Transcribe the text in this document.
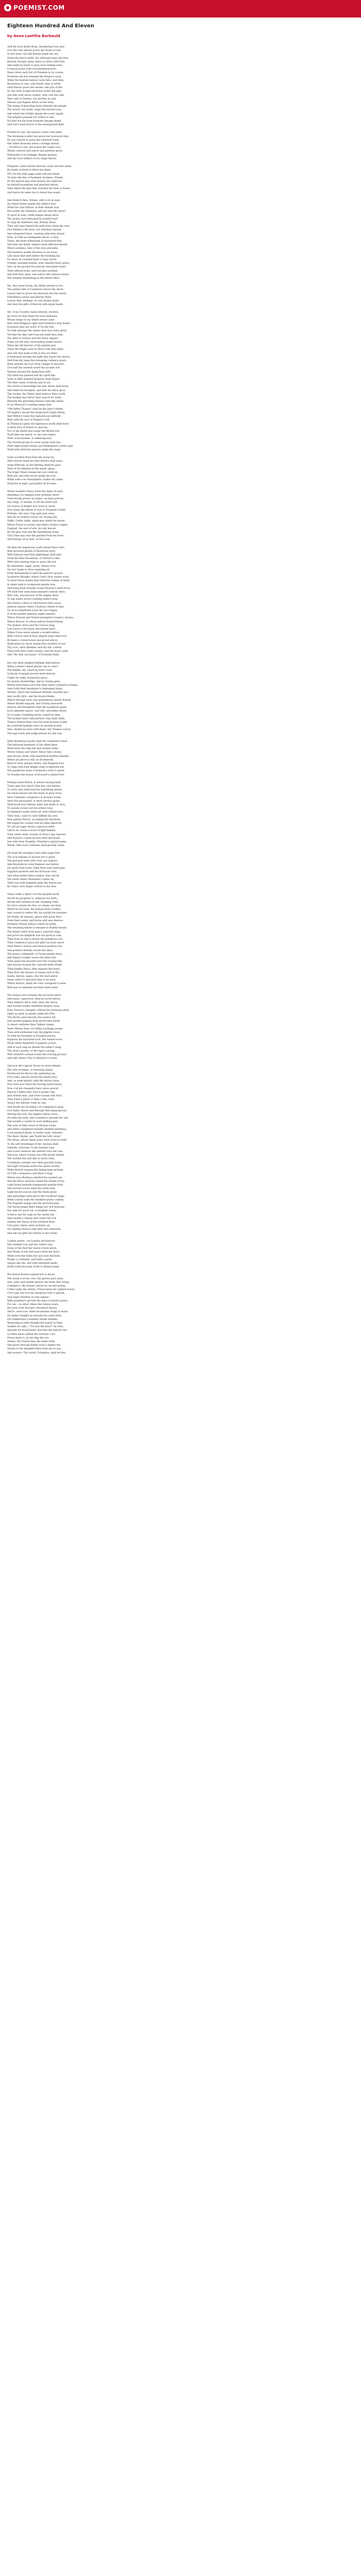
POEMIST.COM
Eighteen Hundred And Eleven
by Anna Laetitia Barbauld
Still the loud death drum, thundering from afar,
O'er the vext nations pours the storm of war:
To the stern call still Britain bends her ear,
Feeds the fierce strife, the alternate hope and fear;
Bravely, though vainly, dares to strive with Fate,
And seeks by turns to prop each sinking state.
Colossal power with overwhelming force
Bears down each fort of Freedom in its course;
Prostrate she lies beneath the Despot's sway,
While the hushed nations curse him—and obey.
Bounteous in vain, with frantic man at strife,
Glad Nature pours the means—the joys of life;
In vain with orange blossoms scents the gale,
The hills with olives clothes, with corn the vale;
Man calls to Famine, nor invokes in vain,
Disease and Rapine follow in her train;
The tramp of marching hosts disturbs the plough,
The sword, not sickle, reaps the harvest now,
And where the Soldier gleans the scant supply,
The helpless peasant but retires to die;
No laws his hut from licensed outrage shield,
And war's least horror is the ensanguined field.
Fruitful in vain, the matron counts with pride
The blooming youths that grace her honoured side;
No son returns to press her widowed hand,
Her fallen blossoms strew a foreign strand.
—Fruitful in vain, she boasts her virgin race,
Whom cultured arts adorn and gentlest grace;
Defrauded of its homage, Beauty mourns,
And the rose withers on its virgin thorns.
Frequent, some stream obscure, some uncouth name,
By deeds of blood is lifted into fame;
Oft o'er the daily page some soft-one bends
To learn the fate of husband, brothers, friends,
Or the spread map with anxious eye explores,
Its dotted boundaries and penciled shores,
Asks where the spot that wrecked her bliss is found,
And learns its name but to detest the sound.
And think'st thou, Britain, still to sit at ease,
An island Queen amidst thy subject seas,
While the vext billows, in their distant roar,
But soothe thy slumbers, and but kiss thy shore?
To sport in wars, while danger keeps aloof,
Thy grassy turf unbruised by hostile hoof?
So sing thy flatterers; but, Britain, know,
Thou who hast shared the guilt must share the woe.
Nor distant is the hour; low murmurs spread,
And whispered fears, creating what they dread;
Ruin, as with an earthquake shock, is here,
There, the heart-witherings of unuttered fear,
And that sad death, whence most affection bleeds,
Which sickness, only of the soul, precedes.
Thy baseless wealth dissolves in air away,
Like mists that melt before the morning ray:
No more on crowded mart or busy street
Friends, meeting friends, with cheerful hurry greet;
Sad, on the ground thy princely merchants bend
Their altered looks, and evil days portend,
And fold their arms, and watch with anxious breast
The tempest blackening in the distant West.
Yes, thou must droop; thy Midas dream is o'er;
The golden tide of Commerce leaves thy shore,
Leaves thee to prove the alternate ills that haunt
Enfeebling Luxury and ghastly Want;
Leaves thee, perhaps, to visit distant lands,
And deal the gifts of Heaven with equal hands.
Yet, O my Country, name beloved, revered,
By every tie that binds the soul endeared,
Whose image to my infant senses came
Mixt with Religion's light and Freedom's holy flame!
If prayers may not avert, if 'tis thy fate
To rank amongst the names that once were great,
Not like the dim cold Crescent shalt thou fade,
Thy debt to Science and the Muse unpaid;
Thine are the laws surrounding states revere,
Thine the full harvest of the mental year,
Thine the bright stars in Glory's sky that shine,
And arts that make it life to live are thine.
If westward streams the light that leaves thy shores,
Still from thy lamp the streaming radiance pours.
Wide spreads thy race from Ganges to the pole,
O'er half the western world thy accents roll:
Nations beyond the Apalachian hills
Thy hand has planted and thy spirit fills:
Soon as their gradual progress shall impart
The finer sense of morals and of art,
Thy stores of knowledge the new states shall know,
And think thy thoughts, and with thy fancy glow;
Thy Lockes, thy Paleys shall instruct their youth,
Thy leading star direct their search for truth;
Beneath the spreading Platan's tent-like shade,
Or by Missouri's rushing waters laid,
"Old father Thames" shall be the poet's theme,
Of Hagley's woods the enamoured virgin dream,
And Milton's tones the raptured ear enthrall,
Mixt with the roar of Niagara's fall;
In Thomson's glass the ingenuous youth shall learn
A fairer face of Nature to discern;
Nor of the Bards that swept the British lyre
Shall fade one laurel, or one note expire.
Then, loved Joanna, to admiring eyes
Thy storied groups in scenic pomp shall rise;
Their high-souled strains and Shakespear's noble rage
Shall with alternate passion shake the stage.
Some youthful Basil from thy moral lay
With stricter hand his fond desires shall sway;
Some Ethwald, as the fleeting shadows pass,
Start at his likeness in the mystic glass;
The tragic Muse resume her just controul,
With pity and with terror purge the soul,
While wide o'er transatlantic realms thy name
Shall live in light, and gather all its fame.
Where wanders Fancy down the lapse of years
Shedding o'er imaged woes untimely tears?
Fond moody power! as hopes—as fears prevail,
She longs, or dreads, to lift the awful veil,
On visions of delight now loves to dwell,
Now hears the shriek of woe or Freedom's knell:
Perhaps, she says, long ages past away,
And set in western waves our closing day,
Night, Gothic night, again may shade the plains
Where Power is seated, and where Science reigns;
England, the seat of arts, be only known
By the grey ruin and the mouldering stone;
That Time may tear the garland from her brow,
And Europe sit in dust, as Asia now.
Yet then the ingenuous youth whom Fancy fires
With pictured glories of illustrious sires,
With duteous zeal their pilgrimage shall take
From the Blue Mountains, or Ontario's lake,
With fond adoring steps to press the sod
By statesmen, sages, poets, heroes trod;
On Isis' banks to draw inspiring air,
From Runnymede to send the patriot's prayer;
In pensive thought, where Cam's slow waters wind,
To meet those shades that ruled the realms of mind;
In silent halls to sculptured marble bow,
And hang fresh wreaths round Newton's awful brow.
Oft shall they seek some peasant's homely shed,
Who toils, unconscious of the mighty dead,
To ask where Avon's winding waters stray,
And thence a knot of wild flowers bear away;
Anxious inquire where Clarkson, friend of man,
Or all-accomplished Jones his race began;
If of the modest mansion aught remains
Where Heaven and Nature prompted Cowper's strains;
Where Roscoe, to whose patriot breast belong
The Roman virtue and the Tuscan song,
Led Ceres to the black and barren moor
Where Ceres never gained a wreath before:
With curious search their pilgrim steps shall rove
By many a ruined tower and proud alcove,
Shall listen for those strains that soothed of yore
Thy rock, stern Skiddaw, and thy fall, Lodore;
Feast with Dove Dale's mazes, and the hoary walls
And "the still, sad music" of Fountain Halls.
But who their mingled feelings shall pursue
When London's faded glories rise to view?
The mighty city, which by every road,
In floods of people poured itself abroad;
Ungirt by walls, irregularly great,
No jealous drawbridge, and no closing gate;
Whose merchants (such the state which commerce brings)
Sent forth their mandates to dependent kings;
Streets, where the turbaned Moslem, bearded Jew,
And woolly Afric, met the brown Hindu;
Where through each vein spontaneous plenty flowed,
Where Wealth enjoyed, and Charity bestowed.
Pensive and thoughtful shall the wanderers greet
Each splendid square, and still, untrodden street;
Or of some crumbling turret, mined by time,
The broken stairs with perilous step shall climb,
Thence stretch their view the wide horizon round,
By scattered hamlets trace its ancient bound,
And, choked no more with fleets, fair Thames survey
Through reeds and sedge pursue his idle way.
With throbbing bosoms shall the wanderers tread
The hallowed mansions of the silent dead,
Shall enter the long isle and vaulted dome
Where Genius and where Valour find a home;
Awe-struck, midst chill sepulchral marbles breathe,
Where all above is still, as all beneath;
Bend at each antique shrine, and frequent turn
To clasp with fond delight some sculptured urn,
The ponderous mass of Johnson's form to greet,
Or breathe the prayer at Howard's sainted feet.
Perhaps some Briton, in whose musing mind
Those ages live which Time has cast behind,
To every spot shall lead his wondering guests
On whose known site the beam of glory rests:
Here Chatham's eloquence in thunder broke,
Here Fox persuaded, or here Garrick spoke;
Shall boast how Nelson, fame and death in view,
To wonted victory led his ardent crew,
In England's name enforced, with loftiest tone,
Their duty,—and too well fulfilled his own:
How gallant Moore, as ebbing life dissolved,
But hoped his country had his fame absolved.
Or call up sages whose capacious mind
Left in its course a track of light behind;
Point where mute crowds on Davy's lips reposed,
And Nature's coyest secrets were disclosed;
Join with their Franklin, Priestley's injured name,
Whom, then each continent shall proudly claim.
Oft shall the strangers turn their eager feet
The rich remains of ancient art to greet,
The pictured walls with critic eye explore,
And Reynolds be what Raphael was before.
On spoils from every clime their eyes shall gaze,
Egyptian granites and the Etruscan vase;
And when midst fallen London, they survey
The stone where Alexander's ashes lay,
Shall own with humbled pride the lesson just
By Time's slow finger written in the dust.
There walks a Spirit o'er the peopled earth,
Secret his progress is, unknown his birth;
Moody and viewless as the changing wind,
No force arrests his foot, no chains can bind;
Where'er he turns, the human brute awakes,
And, roused to better life, his sordid hut forsakes:
He thinks, he reasons, glows with purer fires,
Feels finer wants, and burns with new desires:
Obedient Nature follows where he leads;
The steaming marsh is changed to fruitful meads;
The beasts retire from man's asserted reign,
And prove his kingdom was not given in vain.
Then from its bed is drawn the ponderous ore,
Then Commerce pours her gifts on every shore,
Then Babel's towers and terrace gardens rise,
And pointed obelisks invade the skies;
The prince commands, in Tyrian purple drest,
And Egypt's virgins weave the linen vest.
Then spans the graceful arch the roaring tide,
And stricter bounds the cultured fields divide.
Then kindles Fancy, then expands the heart,
Then blow the flowers of Genius and of Art;
Saints, heroes, sages, who the land adorn,
Seem rather to descend than to be born;
Whilst History, midst the rolls consigned to fame,
With pen of adamant inscribes their name.
The Genius now forsakes the favoured shore,
And hates, capricious, what he loved before;
Then empires fall to dust, then arts decay,
And wasted realms enfeebled despots sway;
Even Nature's changed; without his fostering smile
Ophir no gold, no plenty yields the Nile;
The thirsty sand absorbs the useless rill,
And spotted plagues from putrid fens distill.
In desert solitudes then Tadmor sleeps,
Stern Marius then o'er fallen Carthage weeps;
Then with enthusiast love the pilgrim roves
To seek his footsteps in forsaken groves,
Explores the fractured arch, the ruined tower,
Those limbs disjointed of gigantic power;
Still at each step he dreads the adder's sting,
The Arab's javelin, or the tiger's spring;
With doubtful caution treads the echoing ground,
And asks where Troy or Babylon is found.
And now the vagrant Power no more detains
The vale of tempe, or Ausonian plains;
Northward he throws the animating ray,
O'er Celtic nations bursts the mental day:
And, as some playful child the mirror turns,
Now here now there the moving lustre burns;
Now o'er his changeful fancy more prevail
Batavia's dykes than Arno's purple vale,
And stinted suns, and rivers bound with frost,
Than Enna's plains or Baia's viny coast;
Venice the Adriatic weds in vain,
And Death sits brooding o'er Campania's plain;
O'er Baltic shores and through Hercynian groves,
Stirring the soul, the mighty Genius roves.
Art plies his tools, and Commerce spreads her sail,
And wealth is wafted in each shifting gale.
The sons of Odin tread on Persian looms,
And Odin's daughters breathe distilled perfumes;
Loud minstrel bards, in Gothic halls, rehearse
The Runic rhyme, and "build the lofty verse:"
The Muse, whose liquid notes were wont to swell
To the soft breathings of the' Aeolian shell,
Submits, reluctant, to the harsher tone,
And scarce believes the altered voice her own.
And now, where Caesar saw with proud disdain
The wattled hut and skin of azure stain,
Corinthian columns rear their graceful forms,
And light verandas brave the wintry storms,
While British tongues the fading fame prolong
Of Tully's eloquence and Maro's song.
Where once Bonduca whirled the scythed car,
And the fierce matrons raised the shriek of war,
Light forms beneath transparent muslins float,
And tutored voices swell the artful note.
Light-leaved acacias and the shady plane
And spreading cedar grace the woodland reign;
While crystal walls the tenderer plants confine,
The fragrant orange and the nectared pine;
The Syrian grape there hangs her rich festoons,
Nor asks for purer air, or brighter noons:
Science and Art urge on the useful toil,
New mould a climate and create the soil,
Subdue the rigour of the northern Bear,
O'er polar climes shed aromatic air,
On yielding Nature urge their new demands,
And ask not gifts but tribute at her hands.
London exults:—on London Art bestows
Her summer ices and her winter rose;
Gems of the East her mural crown adorn,
And Plenty at her feet pours forth her horn;
While even the exiles her just laws disclaim,
People a continent, and build a name:
August she sits, and with extended hands
Holds forth the book of life to distant lands.
But fairest flowers expand but to decay;
The worm is in thy core, thy glories pass away;
Arts, arms and wealth destroy the fruits they bring;
Commerce, like beauty, knows no second spring.
Crime walks thy streets, Fraud earns her unblest bread,
O'er want and woe thy gorgeous robe is spread,
And angel charities in vain oppose:
With grandeur's growth the mass of misery grows.
For see,—to other climes the Genius soars,
He turns from Europe's desolated shores;
And lo, even now, midst mountains wrapt in storm,
On Andes' heights he shrouds his awful form;
On Chimborazo's summits treads sublime,
Measuring in lofty thought the march of Time;
Sudden he calls:—"Tis now the hour!" he cries,
Spreads his broad hand, and bids the nations rise.
La Plata hears amidst her torrents' roar,
Potosi hears it, as she digs the ore:
Ardent, the Genius fans the noble strife,
And pours through feeble souls a higher life,
Shouts to the mingled tribes from sea to sea,
And swears—Thy world, Columbus, shall be free.
